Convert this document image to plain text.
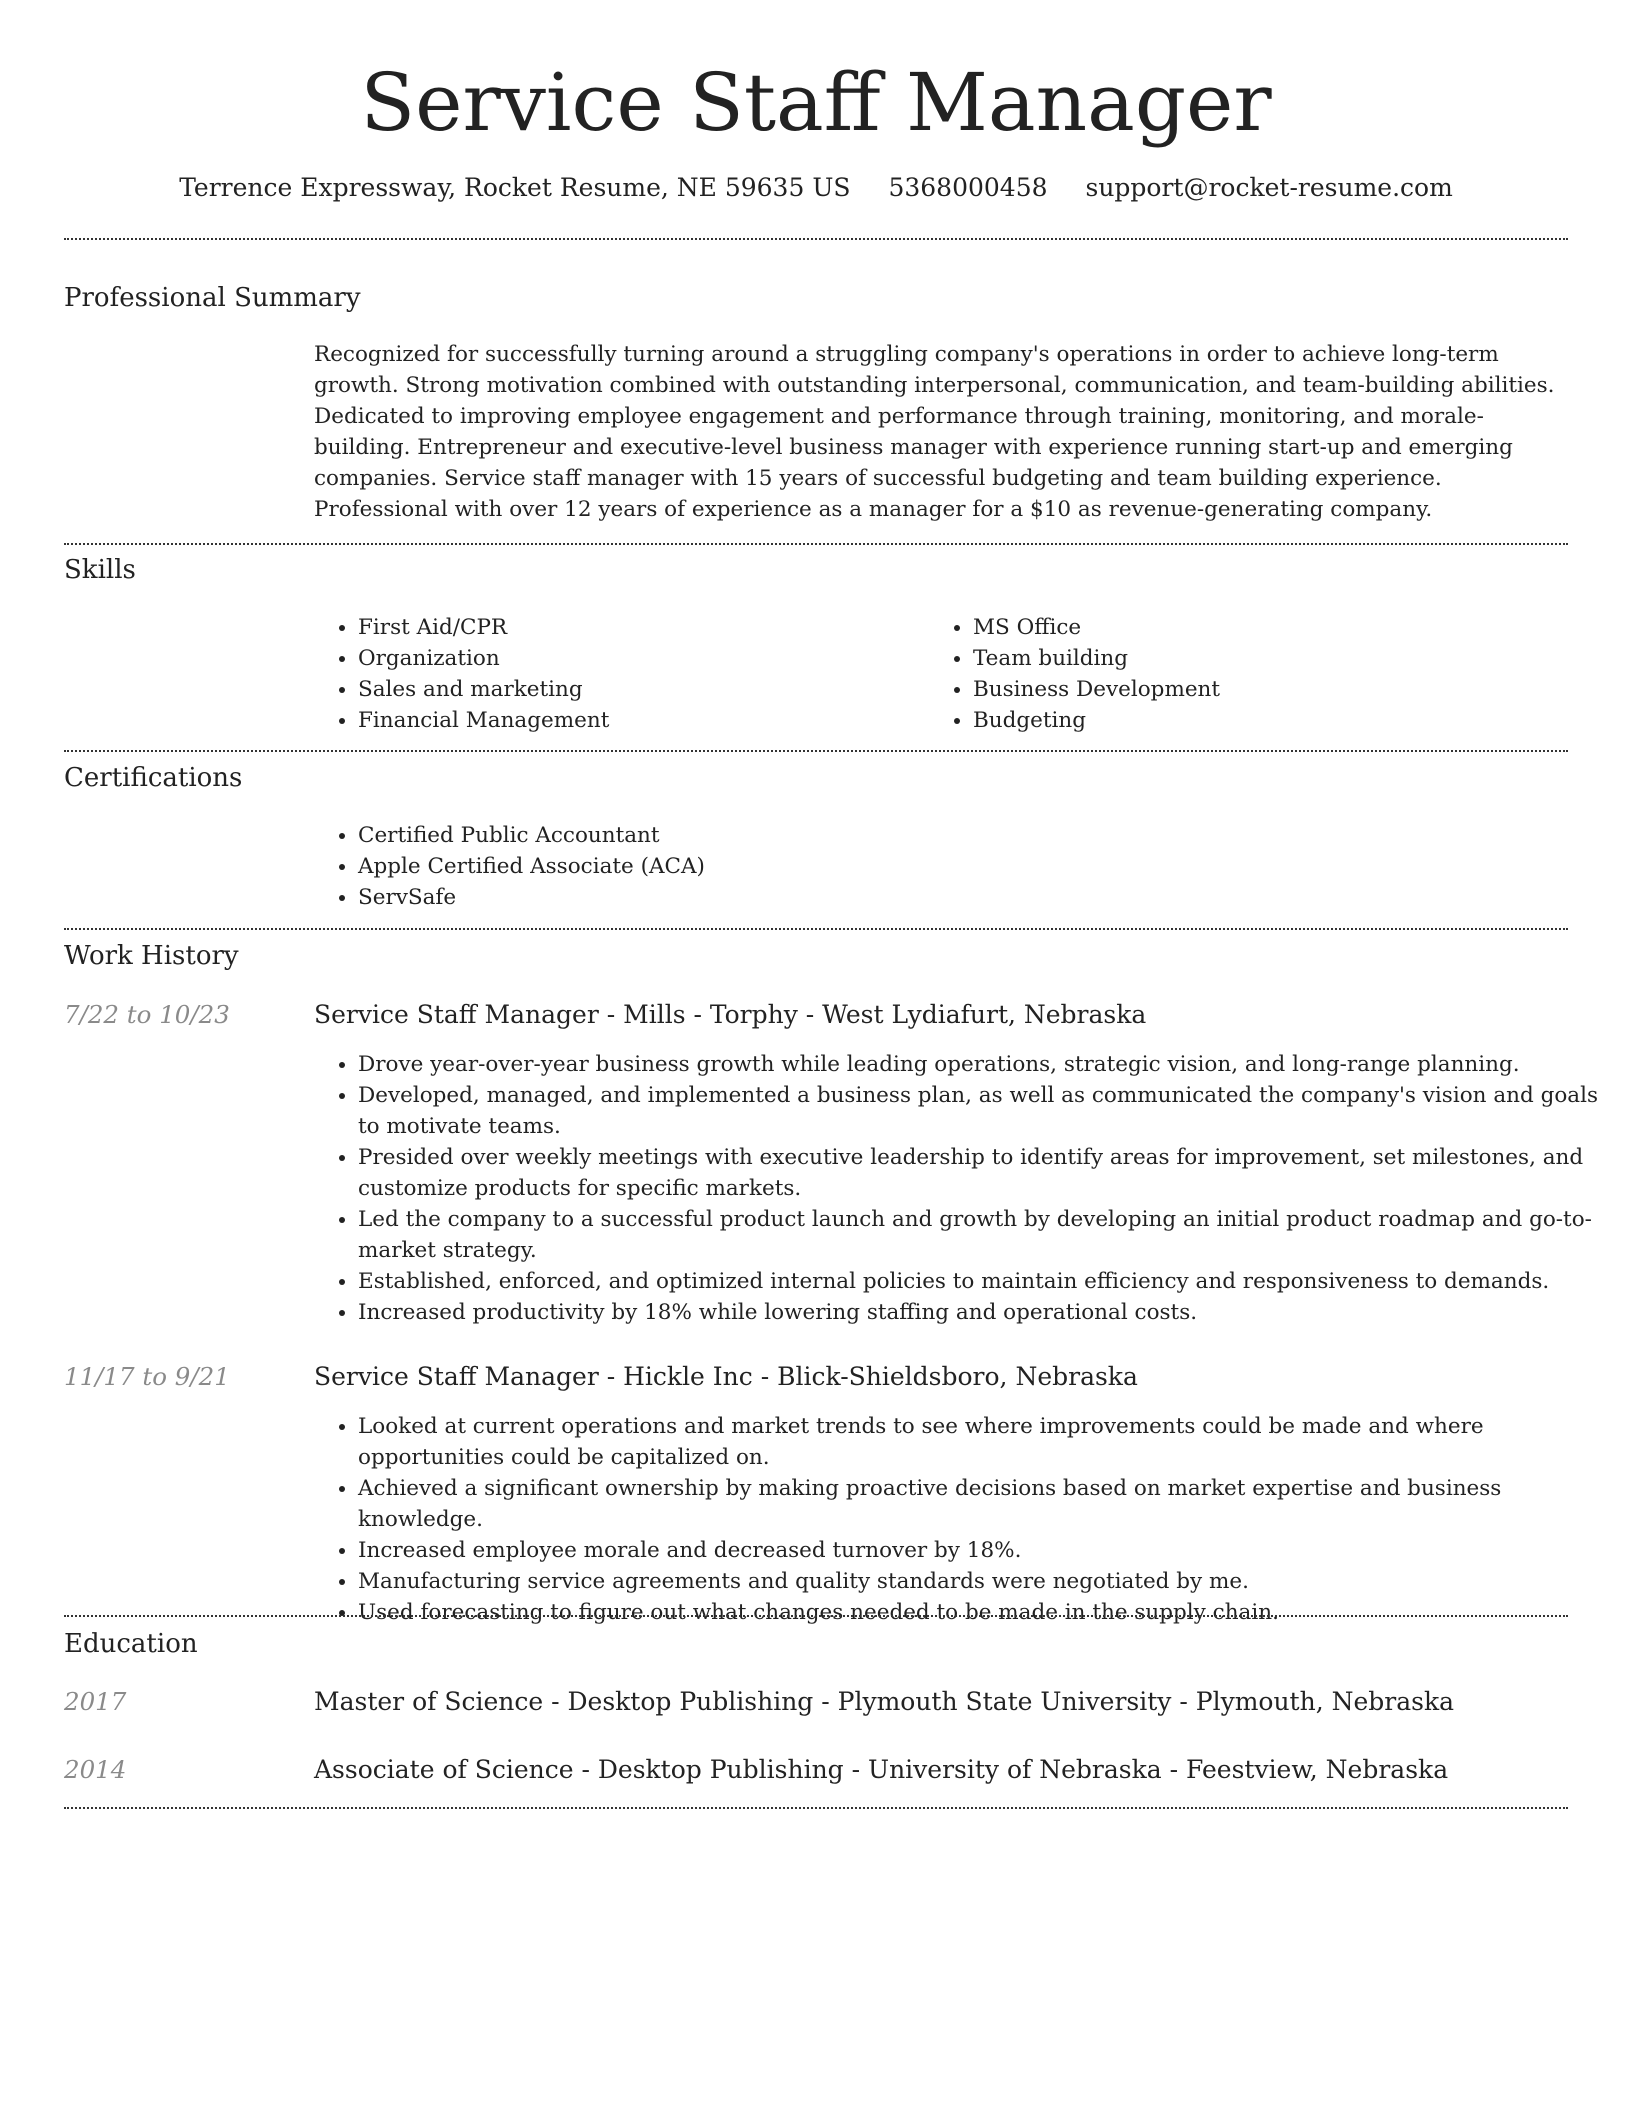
Service Staff Manager
Terrence Expressway, Rocket Resume, NE 59635 US 5368000458 support@rocket-resume.com
Professional Summary
Recognized for successfully turning around a struggling company's operations in order to achieve long-term growth. Strong motivation combined with outstanding interpersonal, communication, and team-building abilities. Dedicated to improving employee engagement and performance through training, monitoring, and morale-building. Entrepreneur and executive-level business manager with experience running start-up and emerging companies. Service staff manager with 15 years of successful budgeting and team building experience. Professional with over 12 years of experience as a manager for a $10 as revenue-generating company.
Skills
• First Aid/CPR
• Organization
• Sales and marketing
• Financial Management
• MS Office
• Team building
• Business Development
• Budgeting
Certifications
• Certified Public Accountant
• Apple Certified Associate (ACA)
• ServSafe
Work History
7/22 to 10/23	Service Staff Manager - Mills - Torphy - West Lydiafurt, Nebraska
• Drove year-over-year business growth while leading operations, strategic vision, and long-range planning.
• Developed, managed, and implemented a business plan, as well as communicated the company's vision and goals to motivate teams.
• Presided over weekly meetings with executive leadership to identify areas for improvement, set milestones, and customize products for specific markets.
• Led the company to a successful product launch and growth by developing an initial product roadmap and go-to-market strategy.
• Established, enforced, and optimized internal policies to maintain efficiency and responsiveness to demands.
• Increased productivity by 18% while lowering staffing and operational costs.
11/17 to 9/21	Service Staff Manager - Hickle Inc - Blick-Shieldsboro, Nebraska
• Looked at current operations and market trends to see where improvements could be made and where opportunities could be capitalized on.
• Achieved a significant ownership by making proactive decisions based on market expertise and business knowledge.
• Increased employee morale and decreased turnover by 18%.
• Manufacturing service agreements and quality standards were negotiated by me.
• Used forecasting to figure out what changes needed to be made in the supply chain.
Education
2017	Master of Science - Desktop Publishing - Plymouth State University - Plymouth, Nebraska
2014	Associate of Science - Desktop Publishing - University of Nebraska - Feestview, Nebraska
